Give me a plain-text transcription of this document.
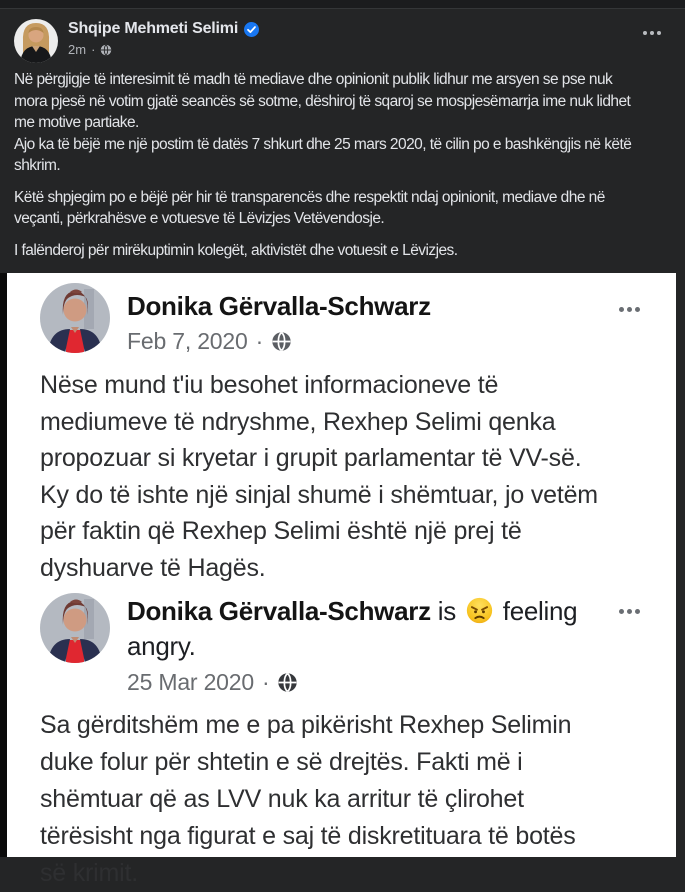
Shqipe Mehmeti Selimi
2m ·
Në përgjigje të interesimit të madh të mediave dhe opinionit publik lidhur me arsyen se pse nuk
mora pjesë në votim gjatë seancës së sotme, dëshiroj të sqaroj se mospjesëmarrja ime nuk lidhet
me motive partiake.
Ajo ka të bëjë me një postim të datës 7 shkurt dhe 25 mars 2020, të cilin po e bashkëngjis në këtë
shkrim.
Këtë shpjegim po e bëjë për hir të transparencës dhe respektit ndaj opinionit, mediave dhe në
veçanti, përkrahësve e votuesve të Lëvizjes Vetëvendosje.
I falënderoj për mirëkuptimin kolegët, aktivistët dhe votuesit e Lëvizjes.
Donika Gërvalla-Schwarz
Feb 7, 2020 ·
Nëse mund t'iu besohet informacioneve të
mediumeve të ndryshme, Rexhep Selimi qenka
propozuar si kryetar i grupit parlamentar të VV-së.
Ky do të ishte një sinjal shumë i shëmtuar, jo vetëm
për faktin që Rexhep Selimi është një prej të
dyshuarve të Hagës.
Donika Gërvalla-Schwarz is feeling
angry.
25 Mar 2020 ·
Sa gërditshëm me e pa pikërisht Rexhep Selimin
duke folur për shtetin e së drejtës. Fakti më i
shëmtuar që as LVV nuk ka arritur të çlirohet
tërësisht nga figurat e saj të diskretituara të botës
së krimit.
